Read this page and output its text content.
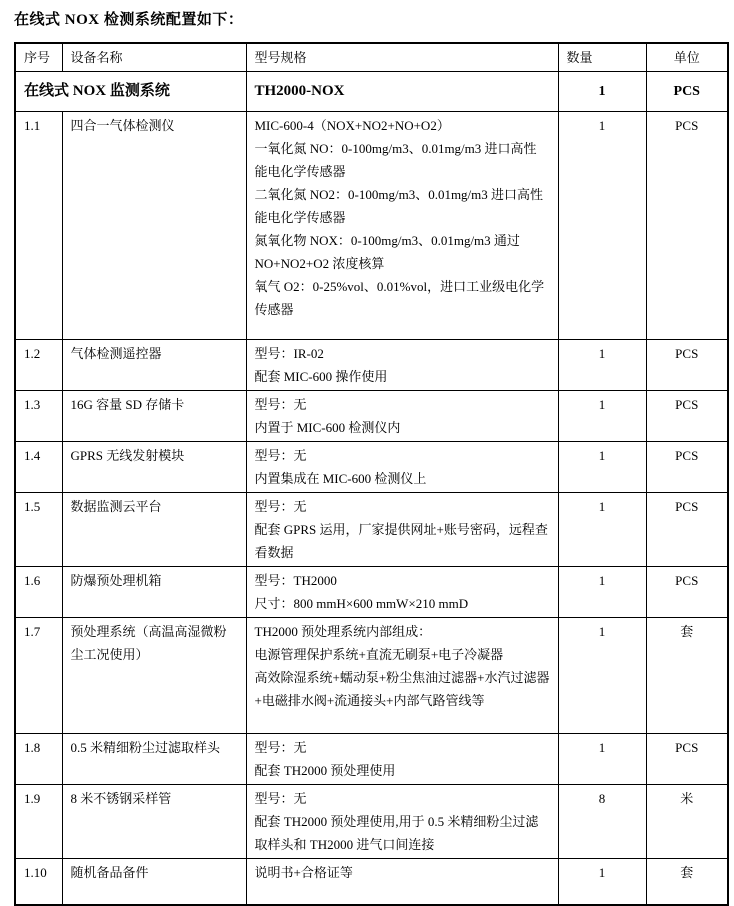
在线式 NOX 检测系统配置如下：
序号	设备名称	型号规格	数量	单位
在线式 NOX 监测系统		TH2000-NOX	1	PCS
1.1	四合一气体检测仪	MIC-600-4（NOX+NO2+NO+O2）
一氧化氮 NO：0-100mg/m3、0.01mg/m3 进口高性能电化学传感器
二氧化氮 NO2：0-100mg/m3、0.01mg/m3 进口高性能电化学传感器
氮氧化物 NOX：0-100mg/m3、0.01mg/m3 通过 NO+NO2+O2 浓度核算
氧气 O2：0-25%vol、0.01%vol，进口工业级电化学传感器	1	PCS
1.2	气体检测遥控器	型号：IR-02
配套 MIC-600 操作使用	1	PCS
1.3	16G 容量 SD 存储卡	型号：无
内置于 MIC-600 检测仪内	1	PCS
1.4	GPRS 无线发射模块	型号：无
内置集成在 MIC-600 检测仪上	1	PCS
1.5	数据监测云平台	型号：无
配套 GPRS 运用，厂家提供网址+账号密码，远程查看数据	1	PCS
1.6	防爆预处理机箱	型号：TH2000
尺寸：800 mmH×600 mmW×210 mmD	1	PCS
1.7	预处理系统（高温高湿微粉尘工况使用）	TH2000 预处理系统内部组成：
电源管理保护系统+直流无刷泵+电子冷凝器
高效除湿系统+蠕动泵+粉尘焦油过滤器+水汽过滤器+电磁排水阀+流通接头+内部气路管线等	1	套
1.8	0.5 米精细粉尘过滤取样头	型号：无
配套 TH2000 预处理使用	1	PCS
1.9	8 米不锈钢采样管	型号：无
配套 TH2000 预处理使用,用于 0.5 米精细粉尘过滤取样头和 TH2000 进气口间连接	8	米
1.10	随机备品备件	说明书+合格证等	1	套
